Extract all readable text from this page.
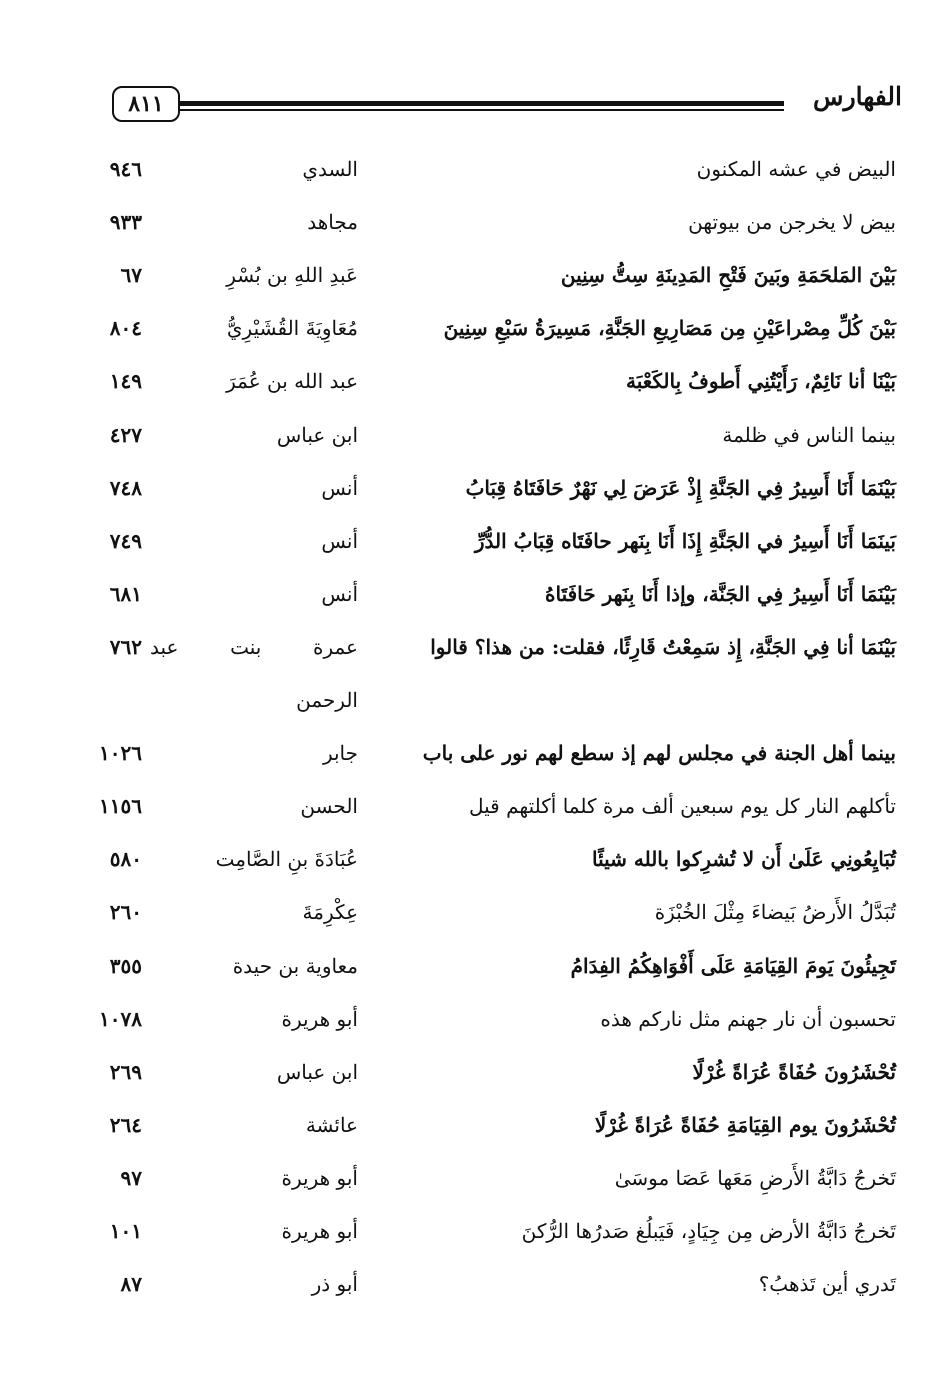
٨١١	الفهارس
البيض في عشه المكنون
السدي
٩٤٦
بيض لا يخرجن من بيوتهن
مجاهد
٩٣٣
بَيْنَ المَلحَمَةِ وبَينَ فَتْحِ المَدِينَةِ سِتُّ سِنِين
عَبدِ اللهِ بن بُسْرِ
٦٧
بَيْنَ كُلِّ مِصْراعَيْنِ مِن مَصَارِيعِ الجَنَّةِ، مَسِيرَةُ سَبْعِ سِنِينَ
مُعَاوِيَةَ القُشَيْرِيُّ
٨٠٤
بَيْنَا أنا نَائِمٌ، رَأَيْتُنِي أَطوفُ بِالكَعْبَة
عبد الله بن عُمَرَ
١٤٩
بينما الناس في ظلمة
ابن عباس
٤٢٧
بَيْنَمَا أَنَا أَسِيرُ فِي الجَنَّةِ إِذْ عَرَضَ لِي نَهْرٌ حَافَتَاهُ قِبَابُ
أنس
٧٤٨
بَينَمَا أَنَا أَسِيرُ في الجَنَّةِ إِذَا أَنَا بِنَهر حافَتَاه قِبَابُ الدُّرِّ
أنس
٧٤٩
بَيْنَمَا أَنَا أَسِيرُ فِي الجَنَّة، وإذا أَنَا بِنَهر حَافَتَاهُ
أنس
٦٨١
بَيْنَمَا أنا فِي الجَنَّةِ، إِذ سَمِعْتُ قَارِئًا، فقلت: من هذا؟ قالوا
عمرة بنت عبد
٧٦٢
الرحمن
بينما أهل الجنة في مجلس لهم إذ سطع لهم نور على باب
جابر
١٠٢٦
تأكلهم النار كل يوم سبعين ألف مرة كلما أكلتهم قيل
الحسن
١١٥٦
تُبَايِعُونِي عَلَىٰ أَن لا تُشرِكوا بالله شيئًا
عُبَادَةَ بنِ الصَّامِت
٥٨٠
تُبَدَّلُ الأَرضُ بَيضاءَ مِثْلَ الخُبْزَة
عِكْرِمَةَ
٢٦٠
تَجِيئُونَ يَومَ القِيَامَةِ عَلَى أَفْوَاهِكُمُ الفِدَامُ
معاوية بن حيدة
٣٥٥
تحسبون أن نار جهنم مثل ناركم هذه
أبو هريرة
١٠٧٨
تُحْشَرُونَ حُفَاةً عُرَاةً غُرْلًا
ابن عباس
٢٦٩
تُحْشَرُونَ يوم القِيَامَةِ حُفَاةً عُرَاةً غُرْلًا
عائشة
٢٦٤
تَخرجُ دَابَّةُ الأَرضِ مَعَها عَصَا موسَىٰ
أبو هريرة
٩٧
تَخرجُ دَابَّةُ الأرض مِن جِيَادٍ، فَيَبلُغ صَدرُها الرُّكنَ
أبو هريرة
١٠١
تَدري أين تَذهبُ؟
أبو ذر
٨٧
